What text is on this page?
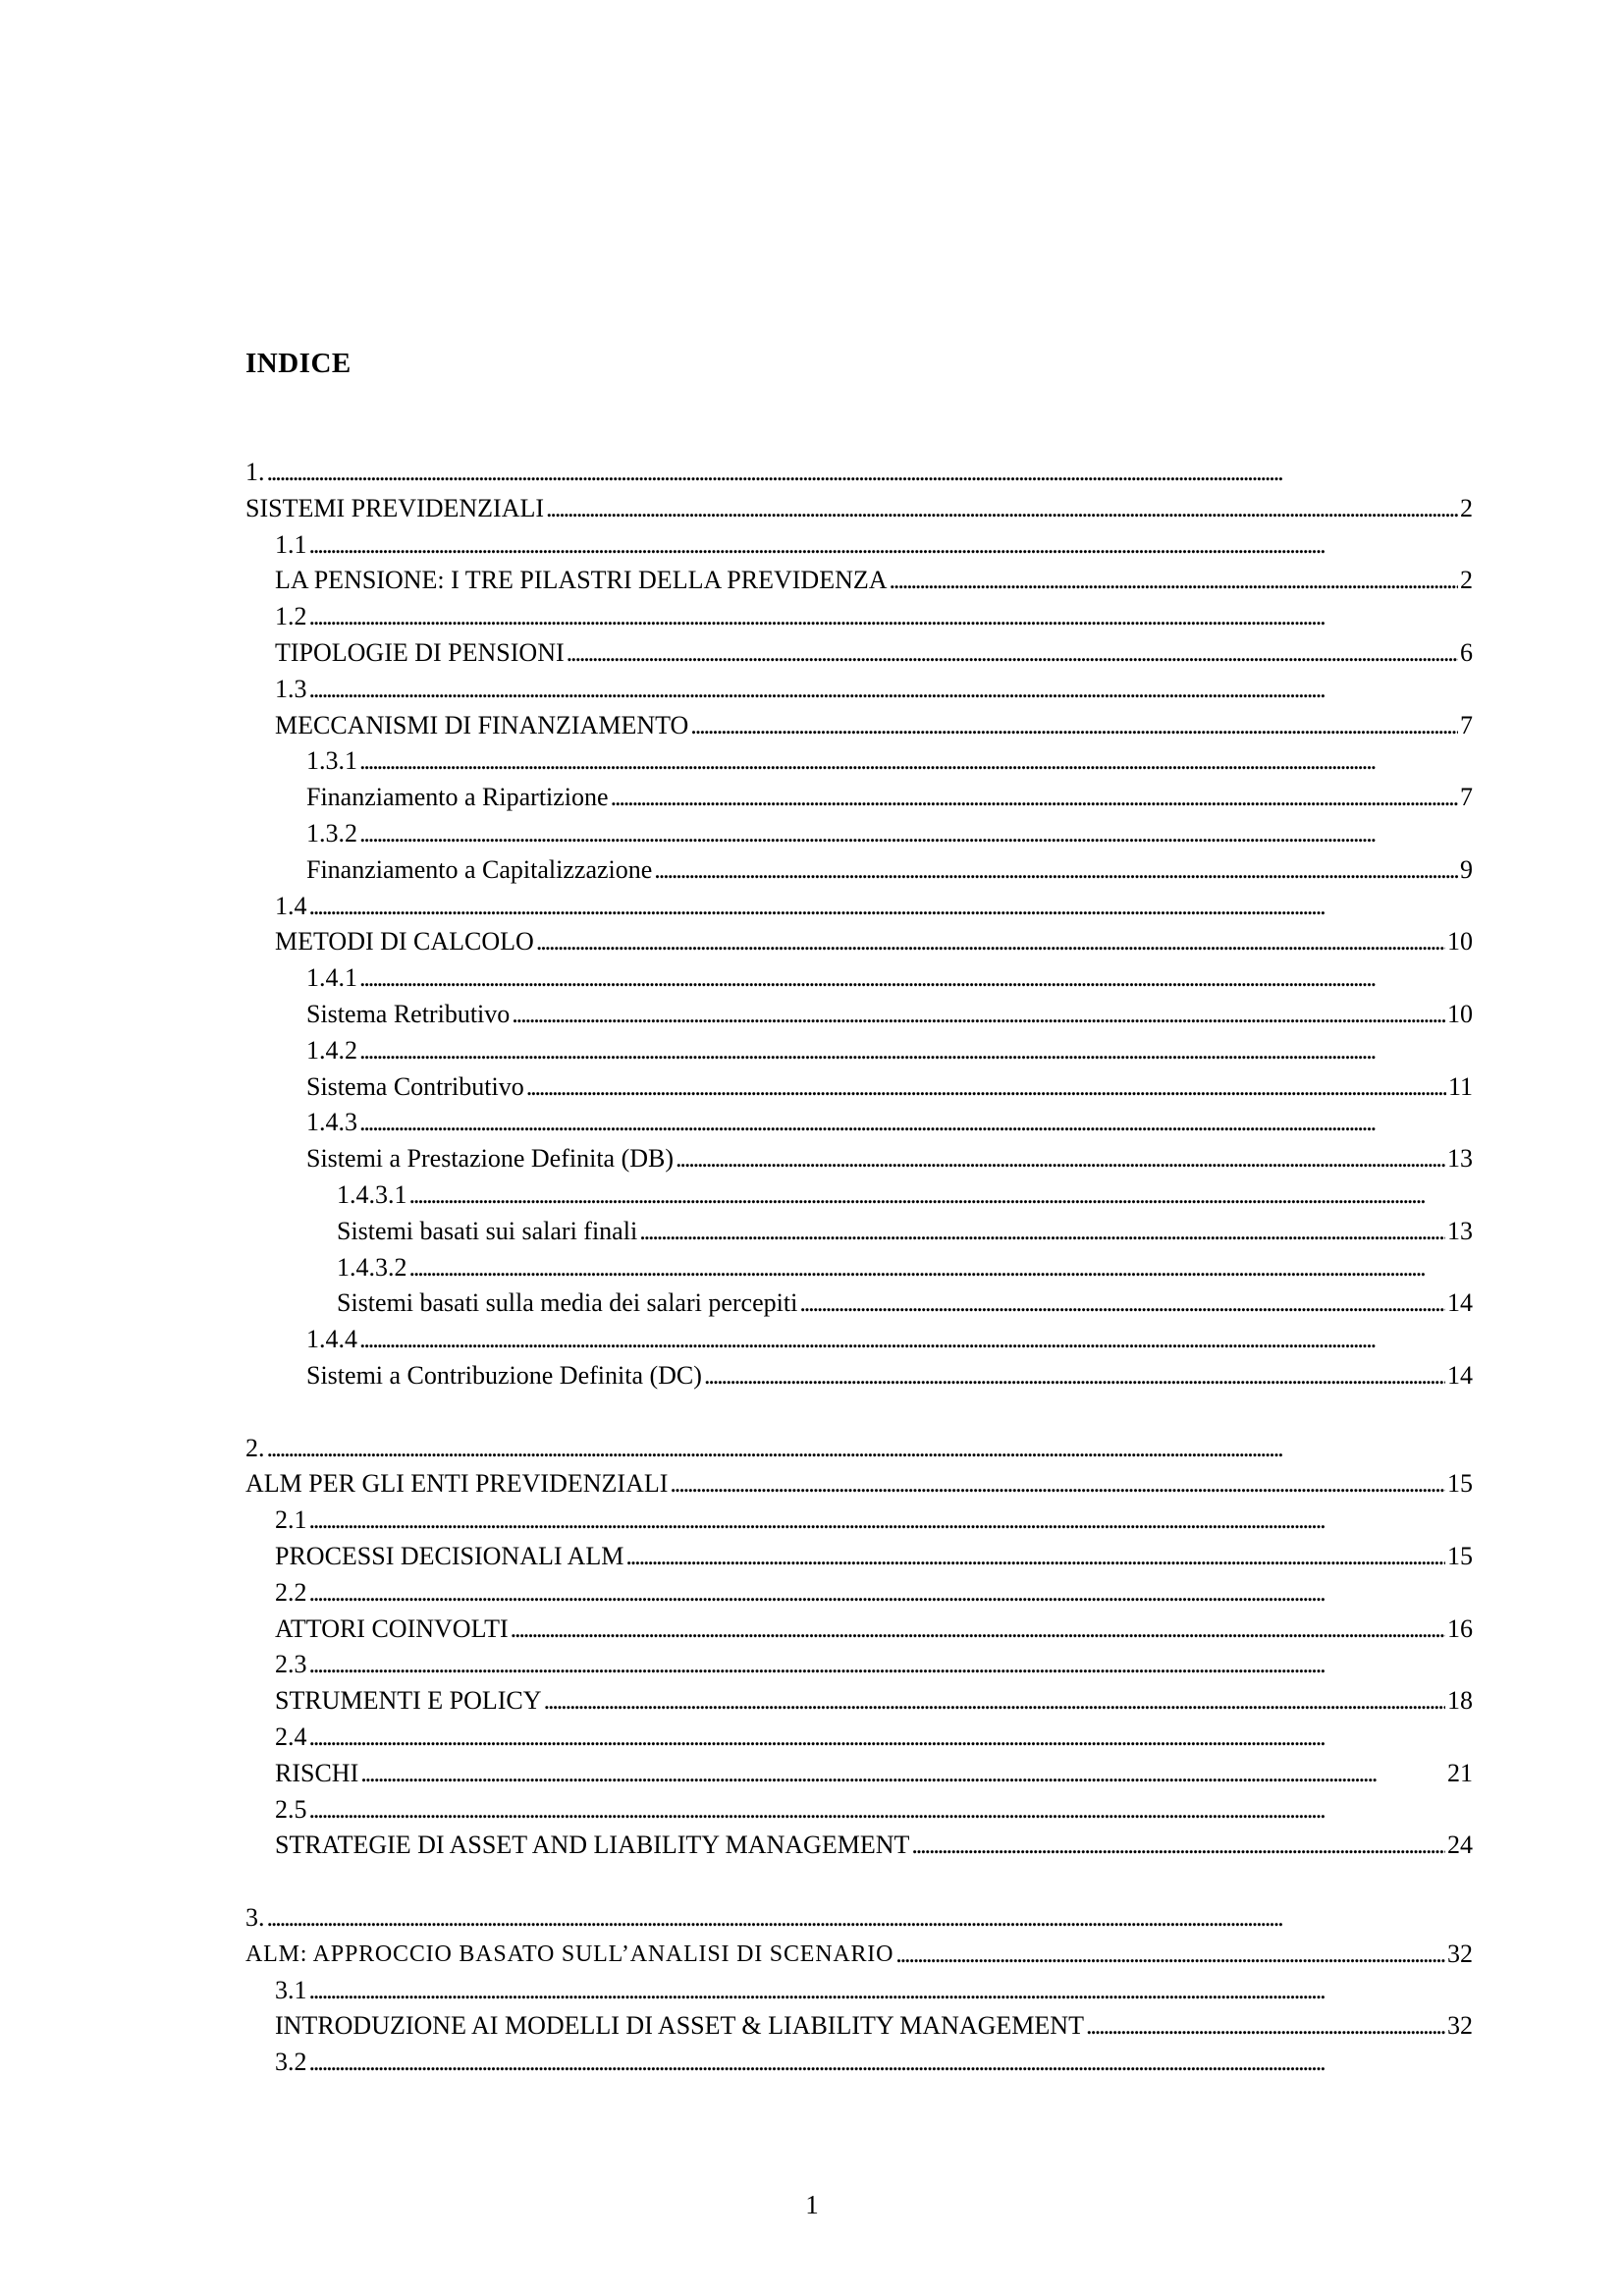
INDICE
1.
. . .
SISTEMI PREVIDENZIALI . . .	2
1.1
. . .
LA PENSIONE: I TRE PILASTRI DELLA PREVIDENZA . . .	2
1.2
. . .
TIPOLOGIE DI PENSIONI . . .	6
1.3
. . .
MECCANISMI DI FINANZIAMENTO . . .	7
1.3.1
. . .
Finanziamento a Ripartizione . . .	7
1.3.2
. . .
Finanziamento a Capitalizzazione . . .	9
1.4
. . .
METODI DI CALCOLO . . .	10
1.4.1
. . .
Sistema Retributivo . . .	10
1.4.2
. . .
Sistema Contributivo . . .	11
1.4.3
. . .
Sistemi a Prestazione Definita (DB) . . .	13
1.4.3.1
. . .
Sistemi basati sui salari finali . . .	13
1.4.3.2
. . .
Sistemi basati sulla media dei salari percepiti . . .	14
1.4.4
. . .
Sistemi a Contribuzione Definita (DC) . . .	14
2.
. . .
ALM PER GLI ENTI PREVIDENZIALI . . .	15
2.1
. . .
PROCESSI DECISIONALI ALM . . .	15
2.2
. . .
ATTORI COINVOLTI . . .	16
2.3
. . .
STRUMENTI E POLICY . . .	18
2.4
. . .
RISCHI . . .	21
2.5
. . .
STRATEGIE DI ASSET AND LIABILITY MANAGEMENT . . .	24
3.
. . .
ALM: APPROCCIO BASATO SULL’ANALISI DI SCENARIO . . .	32
3.1
. . .
INTRODUZIONE AI MODELLI DI ASSET & LIABILITY MANAGEMENT . . .	32
3.2
. . .
1
